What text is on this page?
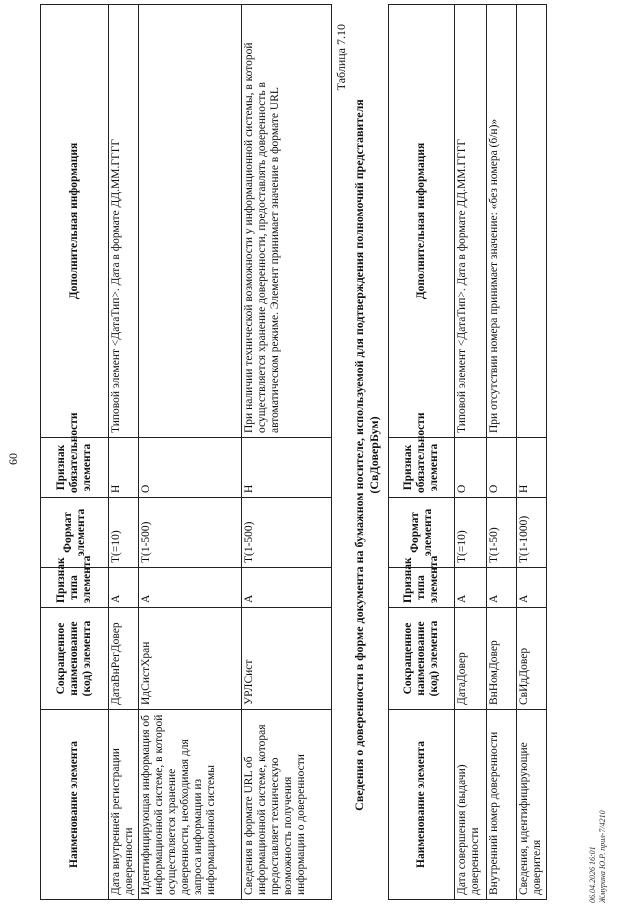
60
Наименование элемента	Сокращенное наименование (код) элемента	Признак типа элемента	Формат элемента	Признак обязательности элемента	Дополнительная информация
Дата внутренней регистрации доверенности	ДатаВнРегДовер	А	T(=10)	Н	Типовой элемент <ДатаТип>. Дата в формате ДД.ММ.ГГГГ
Идентифицирующая информация об информационной системе, в которой осуществляется хранение доверенности, необходимая для запроса информации из информационной системы	ИдСистХран	А	T(1-500)	О	
Сведения в формате URL об информационной системе, которая предоставляет техническую возможность получения информации о доверенности	УРЛСист	А	T(1-500)	Н	При наличии технической возможности у информационной системы, в которой осуществляется хранение доверенности, предоставлять доверенность в автоматическом режиме. Элемент принимает значение в формате URL
Таблица 7.10
Сведения о доверенности в форме документа на бумажном носителе, используемой для подтверждения полномочий представителя (СвДоверБум)
Наименование элемента	Сокращенное наименование (код) элемента	Признак типа элемента	Формат элемента	Признак обязательности элемента	Дополнительная информация
Дата совершения (выдачи) доверенности	ДатаДовер	А	T(=10)	О	Типовой элемент <ДатаТип>. Дата в формате ДД.ММ.ГГГГ
Внутренний номер доверенности	ВнНомДовер	А	T(1-50)	О	При отсутствии номера принимает значение: «без номера (б/н)»
Сведения, идентифицирующие доверителя	СвИдДовер	А	T(1-1000)	Н	
06.04.2026 16:01 Жмурина Ю.Р. прил-7/4210
